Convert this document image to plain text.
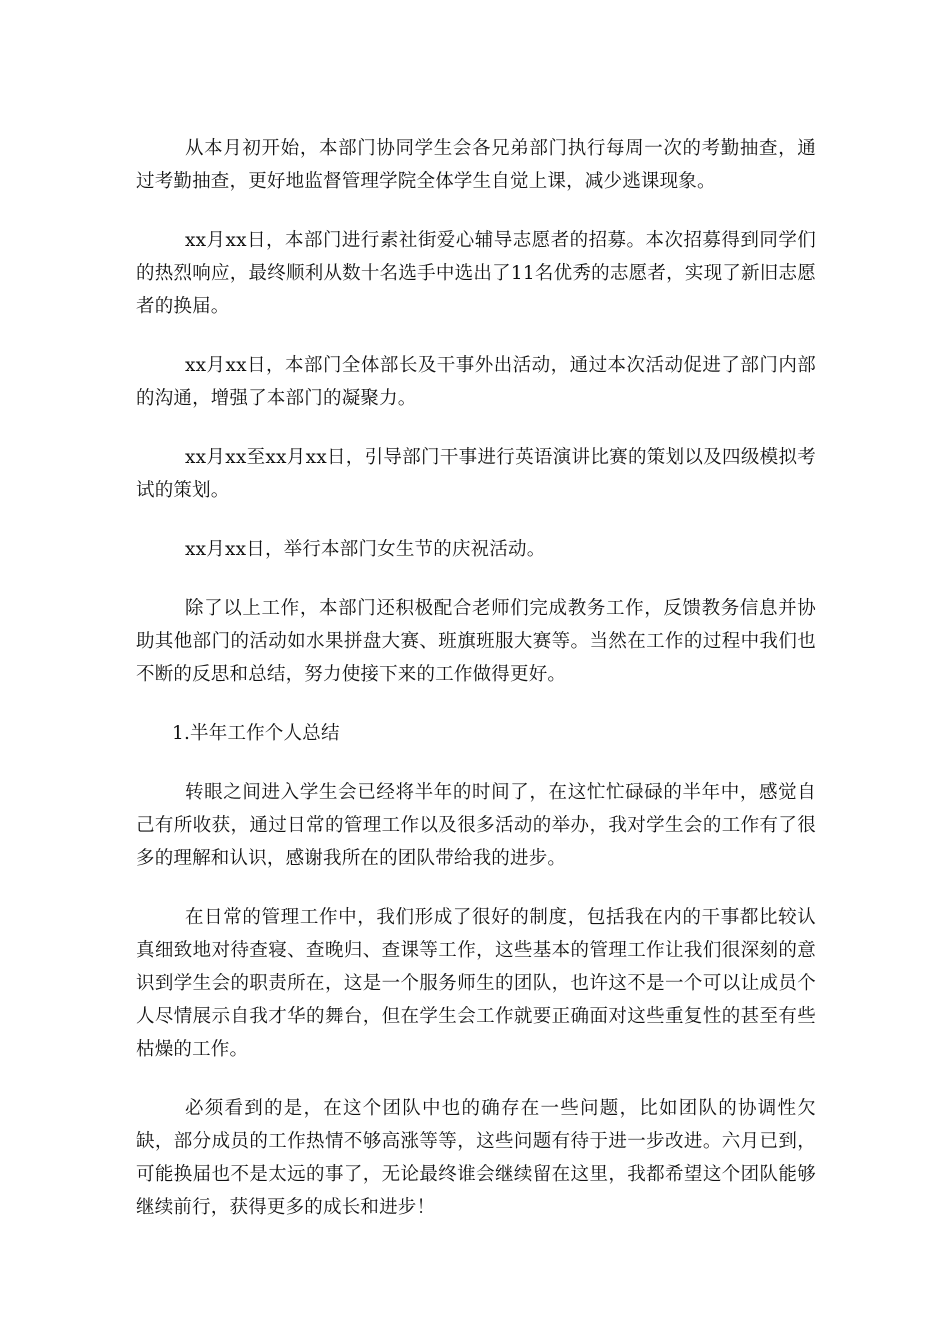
从本月初开始，本部门协同学生会各兄弟部门执行每周一次的考勤抽查，通过考勤抽查，更好地监督管理学院全体学生自觉上课，减少逃课现象。

xx月xx日，本部门进行素社街爱心辅导志愿者的招募。本次招募得到同学们的热烈响应，最终顺利从数十名选手中选出了11名优秀的志愿者，实现了新旧志愿者的换届。

xx月xx日，本部门全体部长及干事外出活动，通过本次活动促进了部门内部的沟通，增强了本部门的凝聚力。

xx月xx至xx月xx日，引导部门干事进行英语演讲比赛的策划以及四级模拟考试的策划。

xx月xx日，举行本部门女生节的庆祝活动。

除了以上工作，本部门还积极配合老师们完成教务工作，反馈教务信息并协助其他部门的活动如水果拼盘大赛、班旗班服大赛等。当然在工作的过程中我们也不断的反思和总结，努力使接下来的工作做得更好。

1.半年工作个人总结

转眼之间进入学生会已经将半年的时间了，在这忙忙碌碌的半年中，感觉自己有所收获，通过日常的管理工作以及很多活动的举办，我对学生会的工作有了很多的理解和认识，感谢我所在的团队带给我的进步。

在日常的管理工作中，我们形成了很好的制度，包括我在内的干事都比较认真细致地对待查寝、查晚归、查课等工作，这些基本的管理工作让我们很深刻的意识到学生会的职责所在，这是一个服务师生的团队，也许这不是一个可以让成员个人尽情展示自我才华的舞台，但在学生会工作就要正确面对这些重复性的甚至有些枯燥的工作。

必须看到的是，在这个团队中也的确存在一些问题，比如团队的协调性欠缺，部分成员的工作热情不够高涨等等，这些问题有待于进一步改进。六月已到，可能换届也不是太远的事了，无论最终谁会继续留在这里，我都希望这个团队能够继续前行，获得更多的成长和进步！
